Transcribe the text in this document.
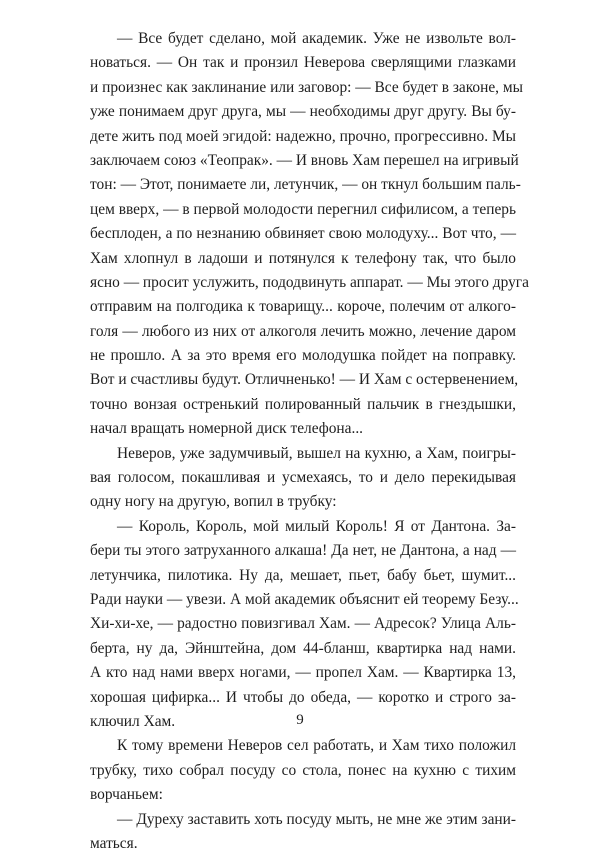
— Все будет сделано, мой академик. Уже не извольте вол-
новаться. — Он так и пронзил Неверова сверлящими глазками
и произнес как заклинание или заговор: — Все будет в законе, мы
уже понимаем друг друга, мы — необходимы друг другу. Вы бу-
дете жить под моей эгидой: надежно, прочно, прогрессивно. Мы
заключаем союз «Теопрак». — И вновь Хам перешел на игривый
тон: — Этот, понимаете ли, летунчик, — он ткнул большим паль-
цем вверх, — в первой молодости перегнил сифилисом, а теперь
бесплоден, а по незнанию обвиняет свою молодуху... Вот что, —
Хам хлопнул в ладоши и потянулся к телефону так, что было
ясно — просит услужить, пододвинуть аппарат. — Мы этого друга
отправим на полгодика к товарищу... короче, полечим от алкого-
голя — любого из них от алкоголя лечить можно, лечение даром
не прошло. А за это время его молодушка пойдет на поправку.
Вот и счастливы будут. Отличненько! — И Хам с остервенением,
точно вонзая остренький полированный пальчик в гнездышки,
начал вращать номерной диск телефона...
Неверов, уже задумчивый, вышел на кухню, а Хам, поигры-
вая голосом, покашливая и усмехаясь, то и дело перекидывая
одну ногу на другую, вопил в трубку:
— Король, Король, мой милый Король! Я от Дантона. За-
бери ты этого затруханного алкаша! Да нет, не Дантона, а над —
летунчика, пилотика. Ну да, мешает, пьет, бабу бьет, шумит...
Ради науки — увези. А мой академик объяснит ей теорему Безу...
Хи-хи-хе, — радостно повизгивал Хам. — Адресок? Улица Аль-
берта, ну да, Эйнштейна, дом 44-бланш, квартирка над нами.
А кто над нами вверх ногами, — пропел Хам. — Квартирка 13,
хорошая цифирка... И чтобы до обеда, — коротко и строго за-
ключил Хам.
К тому времени Неверов сел работать, и Хам тихо положил
трубку, тихо собрал посуду со стола, понес на кухню с тихим
ворчаньем:
— Дуреху заставить хоть посуду мыть, не мне же этим зани-
маться.
9
